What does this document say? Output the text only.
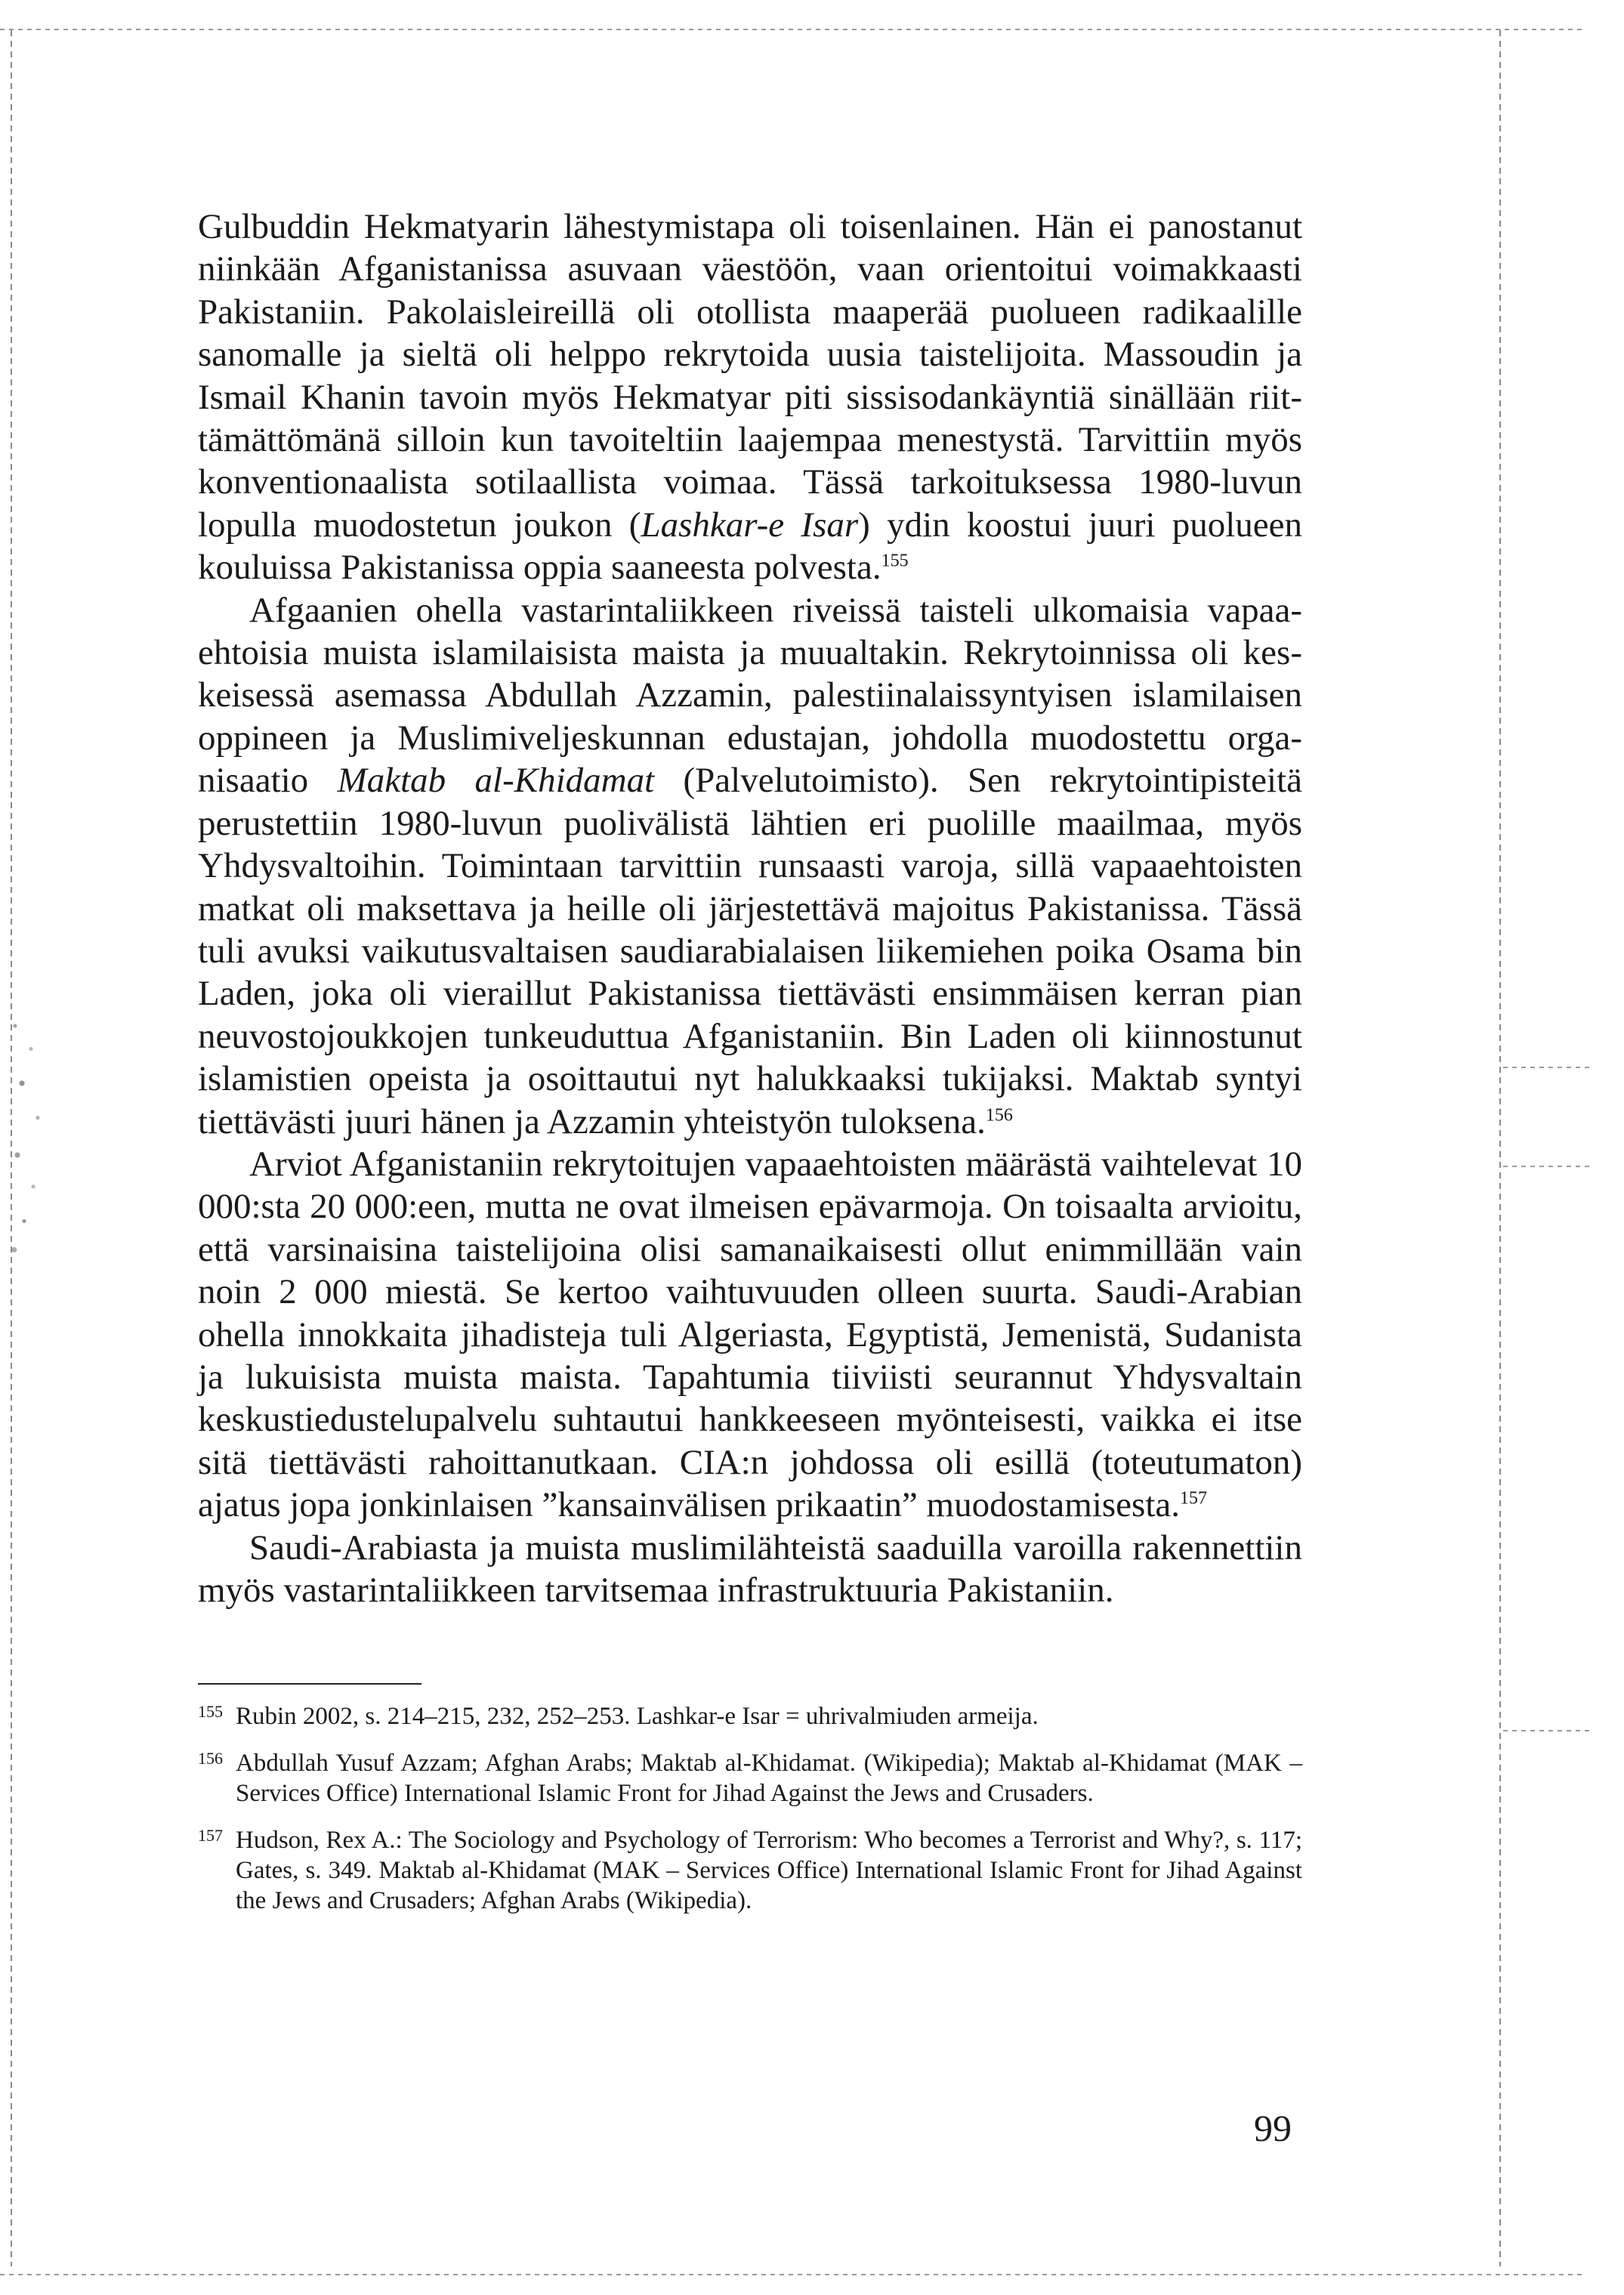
Gulbuddin Hekmatyarin lähestymistapa oli toisenlainen. Hän ei panostanut niinkään Afganistanissa asuvaan väestöön, vaan orientoitui voimakkaasti Pakistaniin. Pakolaisleireillä oli otollista maaperää puolueen radikaalille sanomalle ja sieltä oli helppo rekrytoida uusia taistelijoita. Massoudin ja Ismail Khanin tavoin myös Hekmatyar piti sissisodankäyntiä sinällään riittämättömänä silloin kun tavoiteltiin laajempaa menestystä. Tarvittiin myös konventionaalista sotilaallista voimaa. Tässä tarkoituksessa 1980-luvun lopulla muodostetun joukon (Lashkar-e Isar) ydin koostui juuri puolueen kouluissa Pakistanissa oppia saaneesta polvesta.$^{155}$

Afgaanien ohella vastarintaliikkeen riveissä taisteli ulkomaisia vapaaehtoisia muista islamilaisista maista ja muualtakin. Rekrytoinnissa oli keskeisessä asemassa Abdullah Azzamin, palestiinalaissyntyisen islamilaisen oppineen ja Muslimiveljeskunnan edustajan, johdolla muodostettu organisaatio Maktab al-Khidamat (Palvelutoimisto). Sen rekrytointipisteitä perustettiin 1980-luvun puolivälistä lähtien eri puolille maailmaa, myös Yhdysvaltoihin. Toimintaan tarvittiin runsaasti varoja, sillä vapaaehtoisten matkat oli maksettava ja heille oli järjestettävä majoitus Pakistanissa. Tässä tuli avuksi vaikutusvaltaisen saudiarabialaisen liikemiehen poika Osama bin Laden, joka oli vieraillut Pakistanissa tiettävästi ensimmäisen kerran pian neuvostojoukkojen tunkeuduttua Afganistaniin. Bin Laden oli kiinnostunut islamistien opeista ja osoittautui nyt halukkaaksi tukijaksi. Maktab syntyi tiettävästi juuri hänen ja Azzamin yhteistyön tuloksena.$^{156}$

Arviot Afganistaniin rekrytoitujen vapaaehtoisten määrästä vaihtelevat 10 000:sta 20 000:een, mutta ne ovat ilmeisen epävarmoja. On toisaalta arvioitu, että varsinaisina taistelijoina olisi samanaikaisesti ollut enimmillään vain noin 2 000 miestä. Se kertoo vaihtuvuuden olleen suurta. Saudi-Arabian ohella innokkaita jihadisteja tuli Algeriasta, Egyptistä, Jemenistä, Sudanista ja lukuisista muista maista. Tapahtumia tiiviisti seurannut Yhdysvaltain keskustiedustelupalvelu suhtautui hankkeeseen myönteisesti, vaikka ei itse sitä tiettävästi rahoittanutkaan. CIA:n johdossa oli esillä (toteutumaton) ajatus jopa jonkinlaisen ”kansainvälisen prikaatin” muodostamisesta.$^{157}$

Saudi-Arabiasta ja muista muslimilähteistä saaduilla varoilla rakennettiin myös vastarintaliikkeen tarvitsemaa infrastruktuuria Pakistaniin.

155 Rubin 2002, s. 214–215, 232, 252–253. Lashkar-e Isar = uhrivalmiuden armeija.
156 Abdullah Yusuf Azzam; Afghan Arabs; Maktab al-Khidamat. (Wikipedia); Maktab al-Khidamat (MAK – Services Office) International Islamic Front for Jihad Against the Jews and Crusaders.
157 Hudson, Rex A.: The Sociology and Psychology of Terrorism: Who becomes a Terrorist and Why?, s. 117; Gates, s. 349. Maktab al-Khidamat (MAK – Services Office) International Islamic Front for Jihad Against the Jews and Crusaders; Afghan Arabs (Wikipedia).
99
